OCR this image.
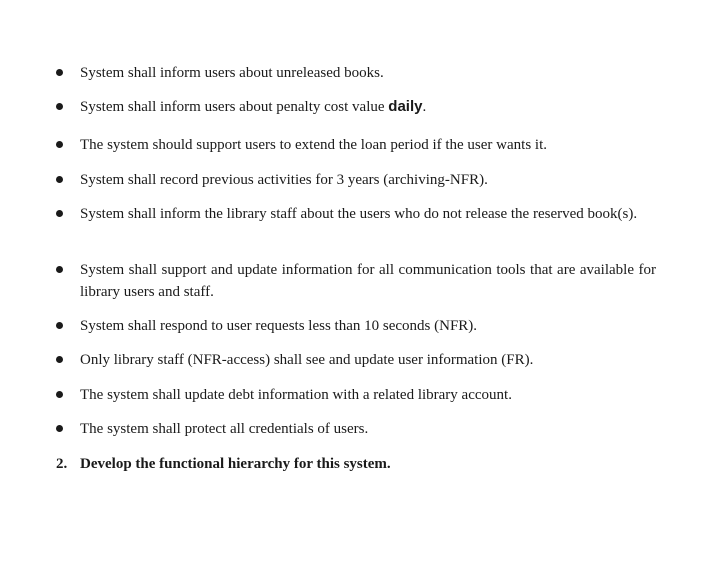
System shall inform users about unreleased books.
System shall inform users about penalty cost value daily.
The system should support users to extend the loan period if the user wants it.
System shall record previous activities for 3 years (archiving-NFR).
System shall inform the library staff about the users who do not release the reserved book(s).
System shall support and update information for all communication tools that are available for library users and staff.
System shall respond to user requests less than 10 seconds (NFR).
Only library staff (NFR-access) shall see and update user information (FR).
The system shall update debt information with a related library account.
The system shall protect all credentials of users.
2. Develop the functional hierarchy for this system.
